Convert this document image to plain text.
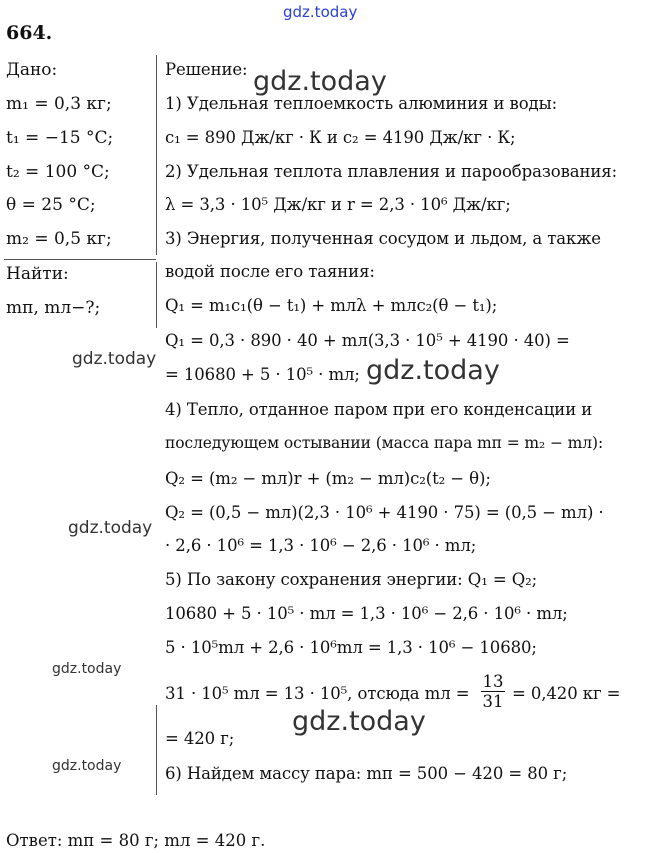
gdz.today
gdz.today
gdz.today	gdz.today
gdz.today
gdz.today
gdz.today
gdz.today
664.
Дано:
m₁ = 0,3 кг;
t₁ = −15 °C;
t₂ = 100 °C;
θ = 25 °C;
m₂ = 0,5 кг;
Найти:
mп, mл−?;
Решение:
1) Удельная теплоемкость алюминия и воды:
c₁ = 890 Дж/кг · К и c₂ = 4190 Дж/кг · К;
2) Удельная теплота плавления и парообразования:
λ = 3,3 · 10⁵ Дж/кг и r = 2,3 · 10⁶ Дж/кг;
3) Энергия, полученная сосудом и льдом, а также
водой после его таяния:
Q₁ = m₁c₁(θ − t₁) + mлλ + mлc₂(θ − t₁);
Q₁ = 0,3 · 890 · 40 + mл(3,3 · 10⁵ + 4190 · 40) =
= 10680 + 5 · 10⁵ · mл;
4) Тепло, отданное паром при его конденсации и
последующем остывании (масса пара mп = m₂ − mл):
Q₂ = (m₂ − mл)r + (m₂ − mл)c₂(t₂ − θ);
Q₂ = (0,5 − mл)(2,3 · 10⁶ + 4190 · 75) = (0,5 − mл) ·
· 2,6 · 10⁶ = 1,3 · 10⁶ − 2,6 · 10⁶ · mл;
5) По закону сохранения энергии: Q₁ = Q₂;
10680 + 5 · 10⁵ · mл = 1,3 · 10⁶ − 2,6 · 10⁶ · mл;
5 · 10⁵mл + 2,6 · 10⁶mл = 1,3 · 10⁶ − 10680;
31 · 10⁵ mл = 13 · 10⁵, отсюда mл =
13
31 = 0,420 кг =
= 420 г;
6) Найдем массу пара: mп = 500 − 420 = 80 г;
Ответ: mп = 80 г; mл = 420 г.
